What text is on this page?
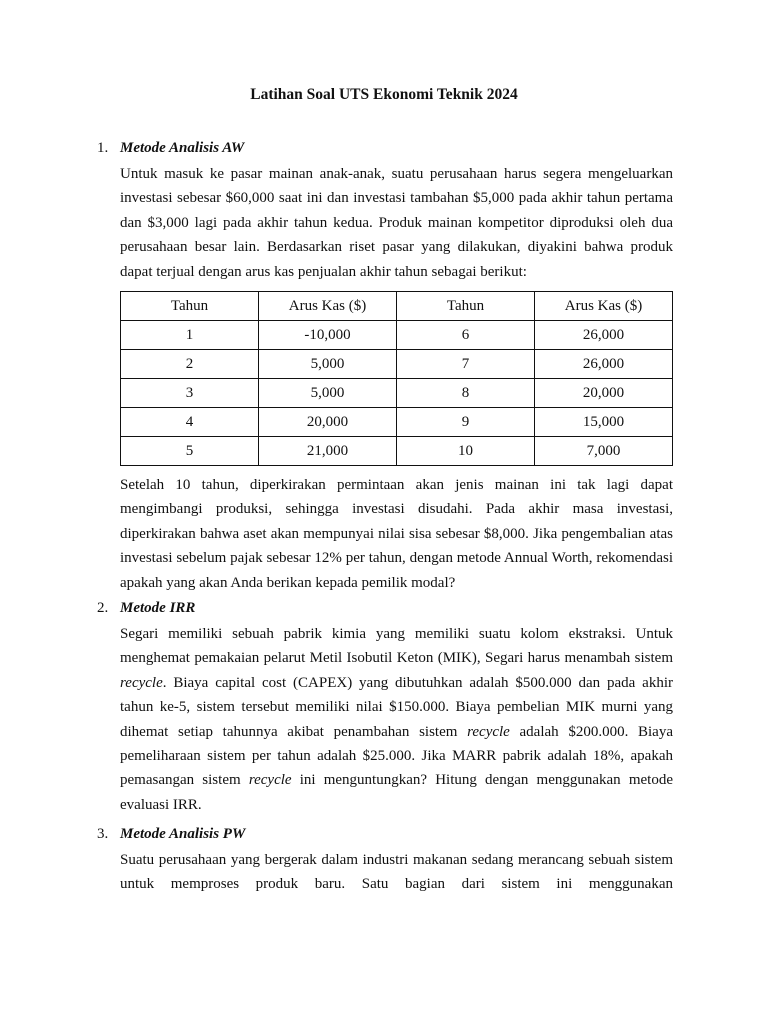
Latihan Soal UTS Ekonomi Teknik 2024
1. Metode Analisis AW
Untuk masuk ke pasar mainan anak-anak, suatu perusahaan harus segera mengeluarkan investasi sebesar $60,000 saat ini dan investasi tambahan $5,000 pada akhir tahun pertama dan $3,000 lagi pada akhir tahun kedua. Produk mainan kompetitor diproduksi oleh dua perusahaan besar lain. Berdasarkan riset pasar yang dilakukan, diyakini bahwa produk dapat terjual dengan arus kas penjualan akhir tahun sebagai berikut:
Tahun	Arus Kas ($)	Tahun	Arus Kas ($)
1	-10,000	6	26,000
2	5,000	7	26,000
3	5,000	8	20,000
4	20,000	9	15,000
5	21,000	10	7,000
Setelah 10 tahun, diperkirakan permintaan akan jenis mainan ini tak lagi dapat mengimbangi produksi, sehingga investasi disudahi. Pada akhir masa investasi, diperkirakan bahwa aset akan mempunyai nilai sisa sebesar $8,000. Jika pengembalian atas investasi sebelum pajak sebesar 12% per tahun, dengan metode Annual Worth, rekomendasi apakah yang akan Anda berikan kepada pemilik modal?
2. Metode IRR
Segari memiliki sebuah pabrik kimia yang memiliki suatu kolom ekstraksi. Untuk menghemat pemakaian pelarut Metil Isobutil Keton (MIK), Segari harus menambah sistem recycle. Biaya capital cost (CAPEX) yang dibutuhkan adalah $500.000 dan pada akhir tahun ke-5, sistem tersebut memiliki nilai $150.000. Biaya pembelian MIK murni yang dihemat setiap tahunnya akibat penambahan sistem recycle adalah $200.000. Biaya pemeliharaan sistem per tahun adalah $25.000. Jika MARR pabrik adalah 18%, apakah pemasangan sistem recycle ini menguntungkan? Hitung dengan menggunakan metode evaluasi IRR.
3. Metode Analisis PW
Suatu perusahaan yang bergerak dalam industri makanan sedang merancang sebuah sistem untuk memproses produk baru. Satu bagian dari sistem ini menggunakan
